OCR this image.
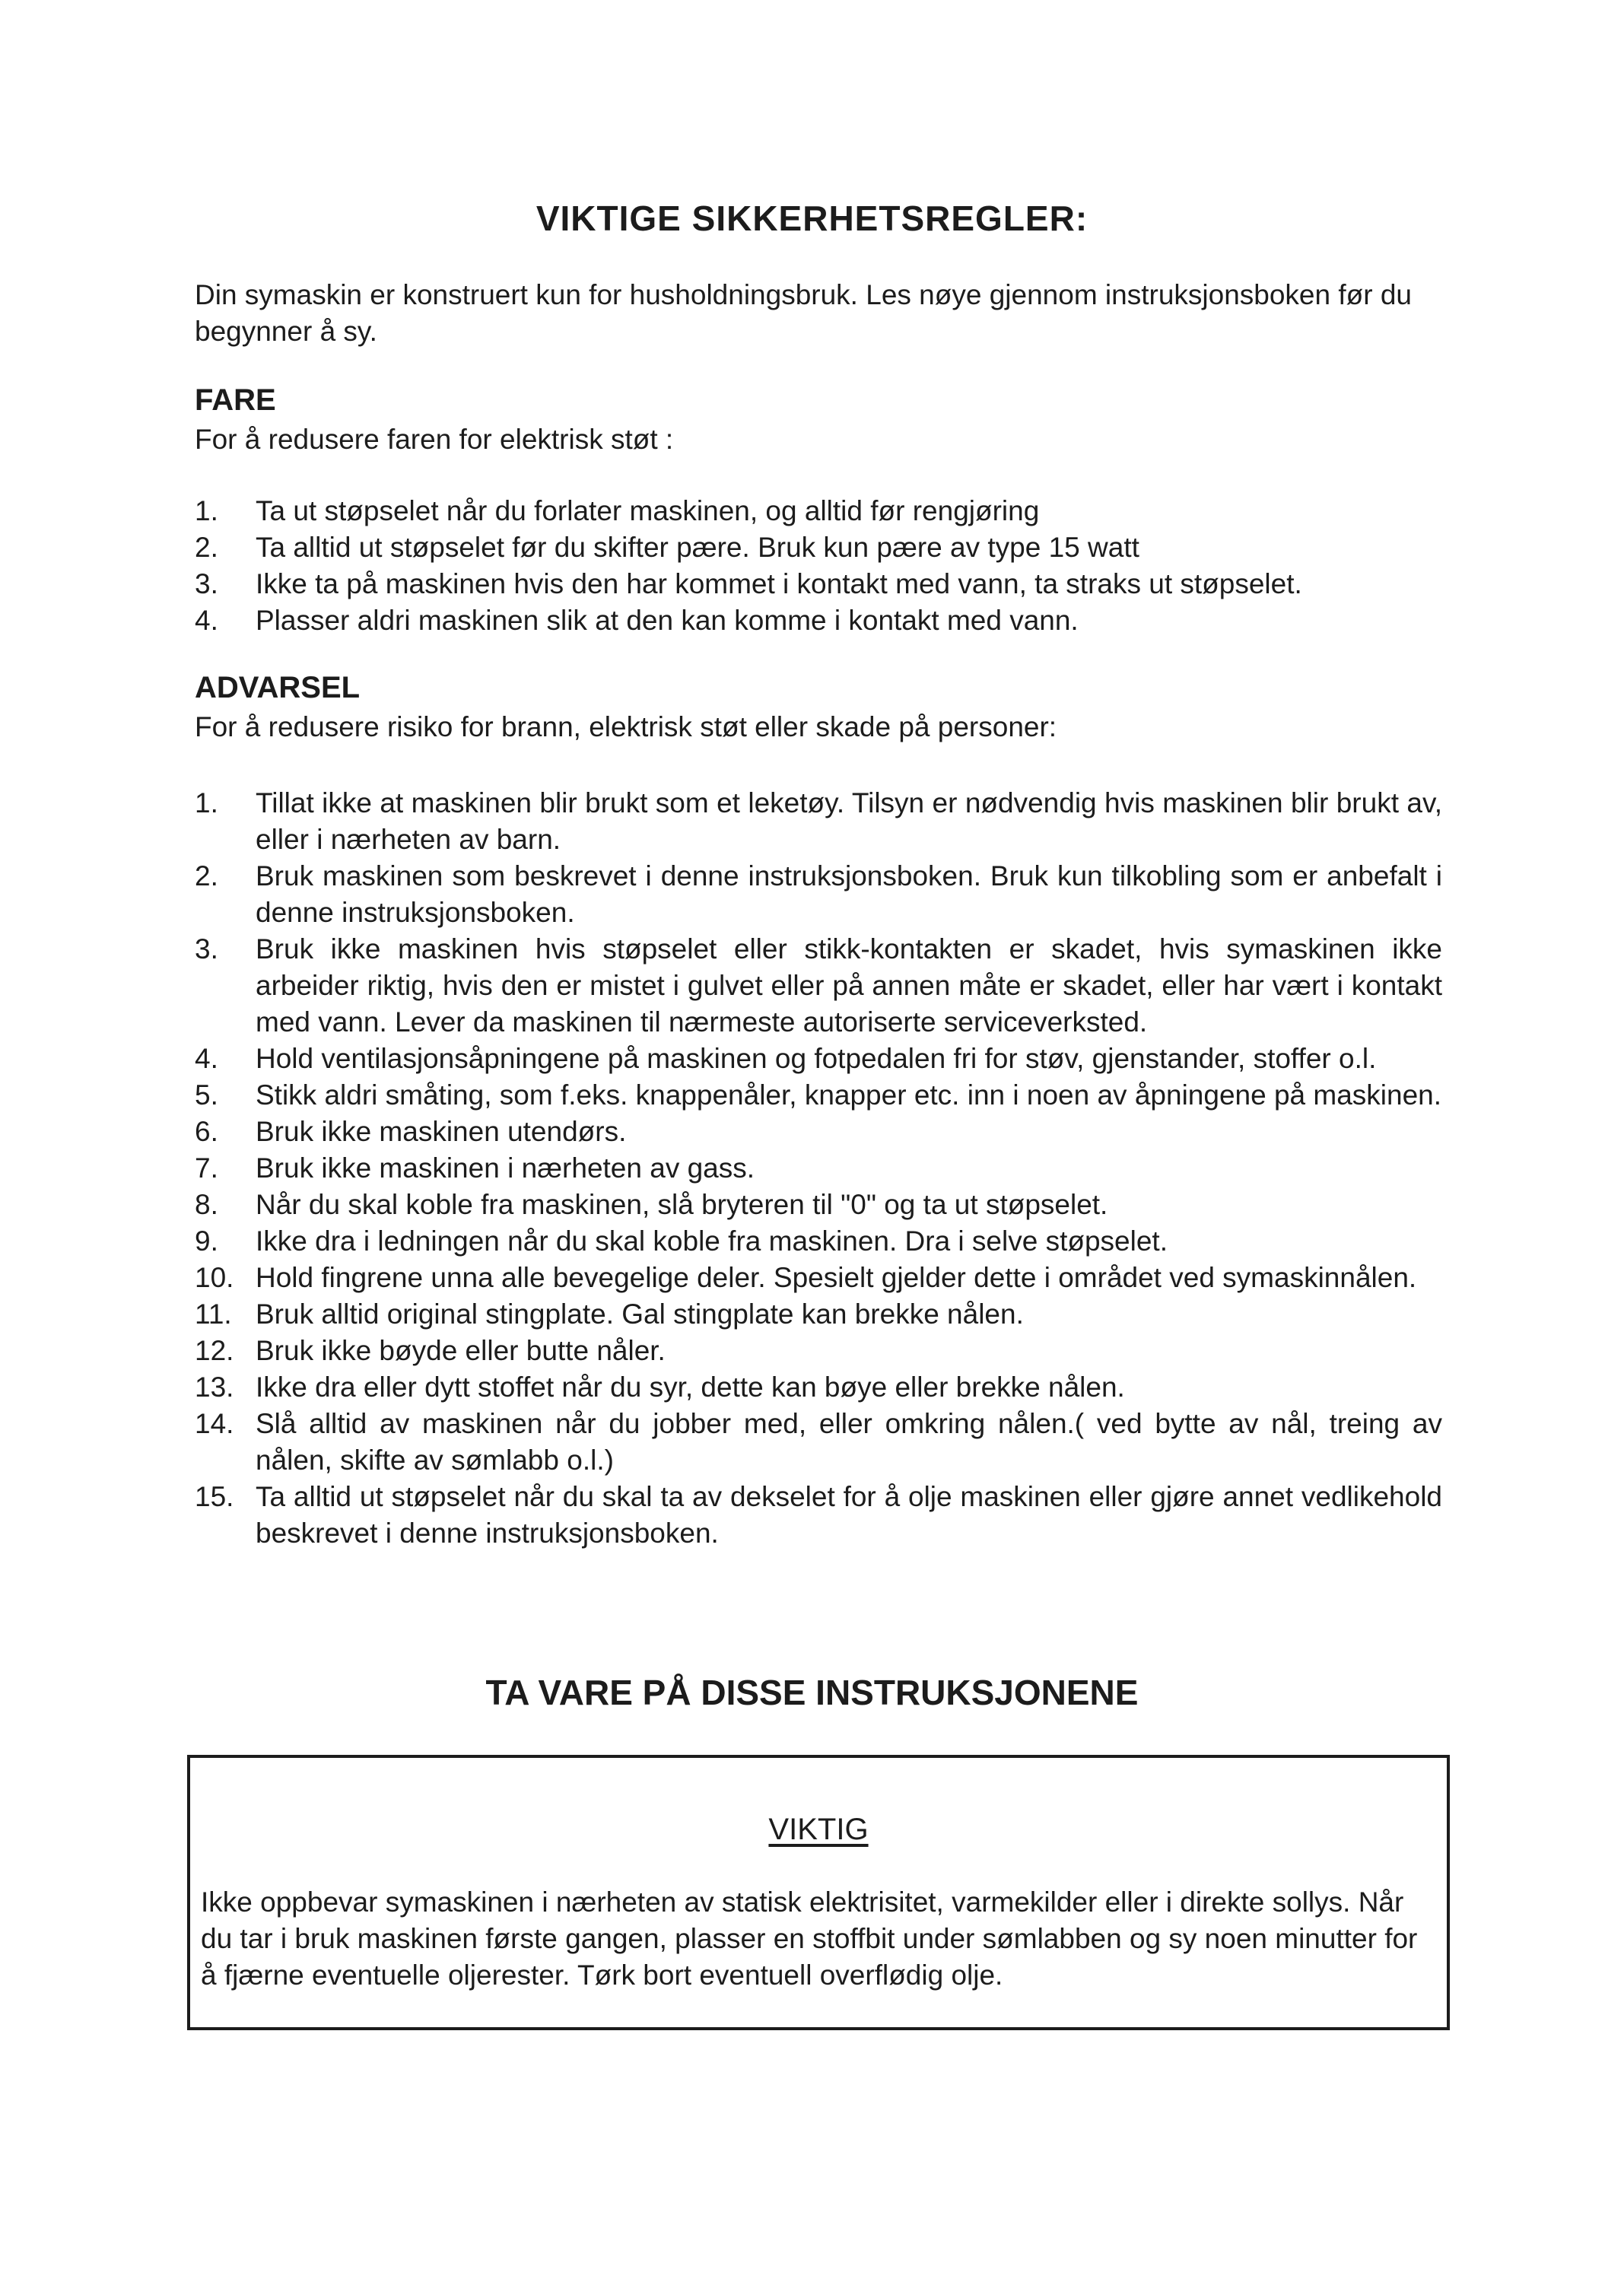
VIKTIGE SIKKERHETSREGLER:

Din symaskin er konstruert kun for husholdningsbruk. Les nøye gjennom instruksjonsboken før du begynner å sy.

FARE

For å redusere faren for elektrisk støt :

1.	Ta ut støpselet når du forlater maskinen, og alltid før rengjøring
2.	Ta alltid ut støpselet før du skifter pære. Bruk kun pære av type 15 watt
3.	Ikke ta på maskinen hvis den har kommet i kontakt med vann, ta straks ut støpselet.
4.	Plasser aldri maskinen slik at den kan komme i kontakt med vann.
ADVARSEL

For å redusere risiko for brann, elektrisk støt eller skade på personer:

1.	Tillat ikke at maskinen blir brukt som et leketøy. Tilsyn er nødvendig hvis maskinen blir brukt av, eller i nærheten av barn.
2.	Bruk maskinen som beskrevet i denne instruksjonsboken. Bruk kun tilkobling som er anbefalt i denne instruksjonsboken.
3.	Bruk ikke maskinen hvis støpselet eller stikk-kontakten er skadet, hvis symaskinen ikke arbeider riktig, hvis den er mistet i gulvet eller på annen måte er skadet, eller har vært i kontakt med vann. Lever da maskinen til nærmeste autoriserte serviceverksted.
4.	Hold ventilasjonsåpningene på maskinen og fotpedalen fri for støv, gjenstander, stoffer o.l.
5.	Stikk aldri småting, som f.eks. knappenåler, knapper etc. inn i noen av åpningene på maskinen.
6.	Bruk ikke maskinen utendørs.
7.	Bruk ikke maskinen i nærheten av gass.
8.	Når du skal koble fra maskinen, slå bryteren til "0" og ta ut støpselet.
9.	Ikke dra i ledningen når du skal koble fra maskinen. Dra i selve støpselet.
10. Hold fingrene unna alle bevegelige deler. Spesielt gjelder dette i området ved symaskinnålen.
11. Bruk alltid original stingplate. Gal stingplate kan brekke nålen.
12. Bruk ikke bøyde eller butte nåler.
13. Ikke dra eller dytt stoffet når du syr, dette kan bøye eller brekke nålen.
14. Slå alltid av maskinen når du jobber med, eller omkring nålen.( ved bytte av nål, treing av nålen, skifte av sømlabb o.l.)
15. Ta alltid ut støpselet når du skal ta av dekselet for å olje maskinen eller gjøre annet vedlikehold beskrevet i denne instruksjonsboken.
TA VARE PÅ DISSE INSTRUKSJONENE
VIKTIG

Ikke oppbevar symaskinen i nærheten av statisk elektrisitet, varmekilder eller i direkte sollys. Når du tar i bruk maskinen første gangen, plasser en stoffbit under sømlabben og sy noen minutter for å fjærne eventuelle oljerester. Tørk bort eventuell overflødig olje.
